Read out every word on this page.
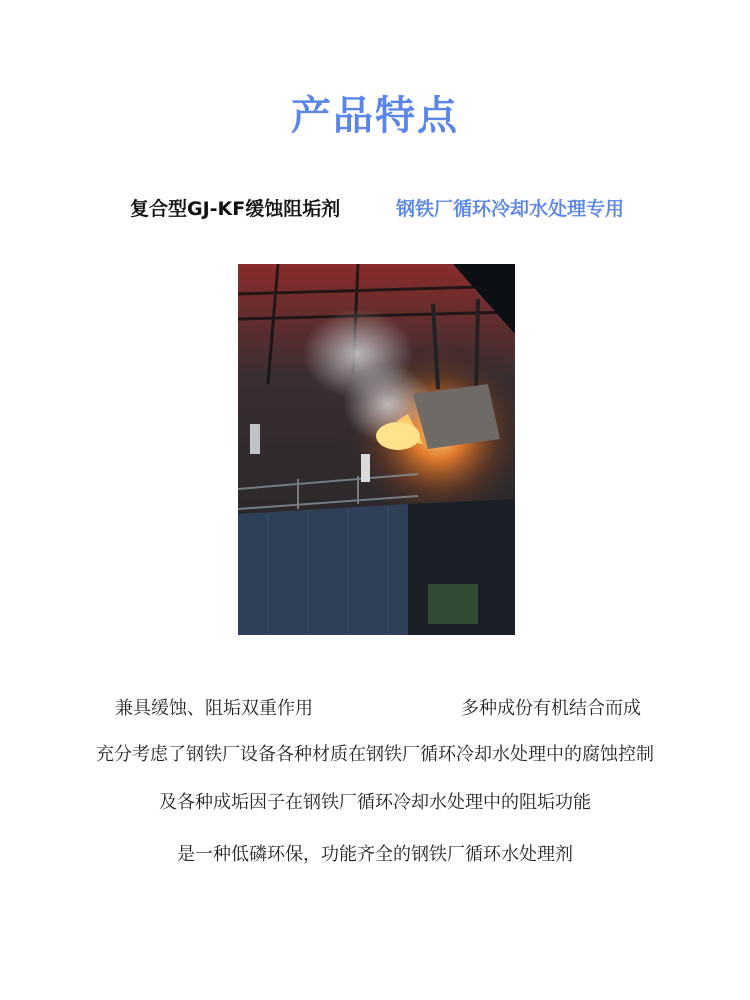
产品特点
复合型GJ-KF缓蚀阻垢剂	钢铁厂循环冷却水处理专用
兼具缓蚀、阻垢双重作用	多种成份有机结合而成
充分考虑了钢铁厂设备各种材质在钢铁厂循环冷却水处理中的腐蚀控制
及各种成垢因子在钢铁厂循环冷却水处理中的阻垢功能
是一种低磷环保，功能齐全的钢铁厂循环水处理剂
